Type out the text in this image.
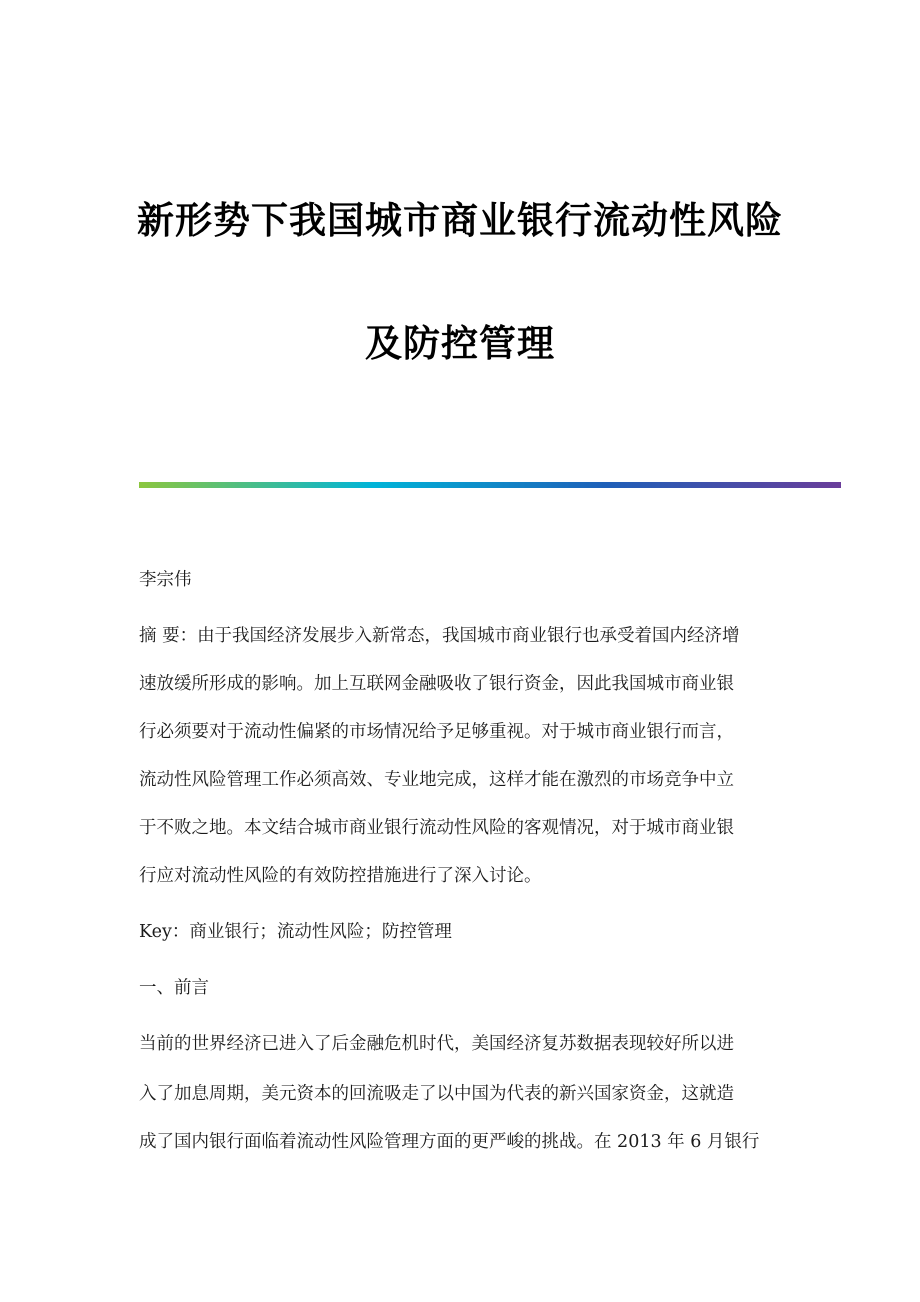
新形势下我国城市商业银行流动性风险
及防控管理
李宗伟
摘 要：由于我国经济发展步入新常态，我国城市商业银行也承受着国内经济增
速放缓所形成的影响。加上互联网金融吸收了银行资金，因此我国城市商业银
行必须要对于流动性偏紧的市场情况给予足够重视。对于城市商业银行而言，
流动性风险管理工作必须高效、专业地完成，这样才能在激烈的市场竞争中立
于不败之地。本文结合城市商业银行流动性风险的客观情况，对于城市商业银
行应对流动性风险的有效防控措施进行了深入讨论。
Key：商业银行；流动性风险；防控管理
一、前言
当前的世界经济已进入了后金融危机时代，美国经济复苏数据表现较好所以进
入了加息周期，美元资本的回流吸走了以中国为代表的新兴国家资金，这就造
成了国内银行面临着流动性风险管理方面的更严峻的挑战。在 2013 年 6 月银行
